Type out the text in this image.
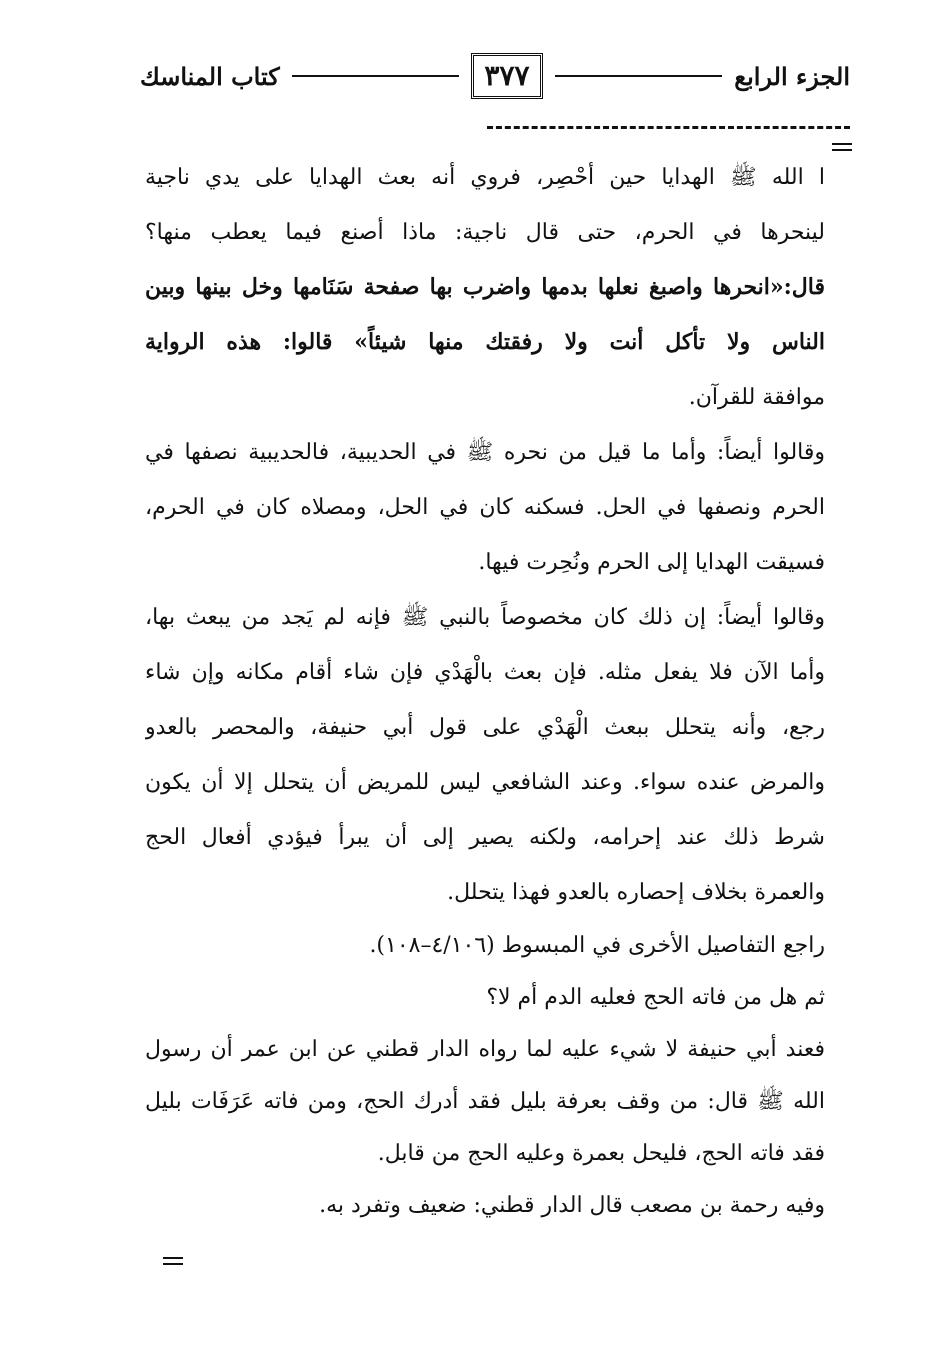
الجزء الرابع
٣٧٧
كتاب المناسك
ا الله ﷺ الهدايا حين أحْصِر، فروي أنه بعث الهدايا على يدي ناجية
لينحرها في الحرم، حتى قال ناجية: ماذا أصنع فيما يعطب منها؟
قال:«انحرها واصبغ نعلها بدمها واضرب بها صفحة سَنَامها وخل بينها وبين
الناس ولا تأكل أنت ولا رفقتك منها شيئاً» قالوا: هذه الرواية
موافقة للقرآن.
وقالوا أيضاً: وأما ما قيل من نحره ﷺ في الحديبية، فالحديبية نصفها في
الحرم ونصفها في الحل. فسكنه كان في الحل، ومصلاه كان في الحرم،
فسيقت الهدايا إلى الحرم ونُحِرت فيها.
وقالوا أيضاً: إن ذلك كان مخصوصاً بالنبي ﷺ فإنه لم يَجد من يبعث بها،
وأما الآن فلا يفعل مثله. فإن بعث بالْهَدْي فإن شاء أقام مكانه وإن شاء
رجع، وأنه يتحلل ببعث الْهَدْي على قول أبي حنيفة، والمحصر بالعدو
والمرض عنده سواء. وعند الشافعي ليس للمريض أن يتحلل إلا أن يكون
شرط ذلك عند إحرامه، ولكنه يصير إلى أن يبرأ فيؤدي أفعال الحج
والعمرة بخلاف إحصاره بالعدو فهذا يتحلل.
راجع التفاصيل الأخرى في المبسوط (٤/١٠٦–١٠٨).
ثم هل من فاته الحج فعليه الدم أم لا؟
فعند أبي حنيفة لا شيء عليه لما رواه الدار قطني عن ابن عمر أن رسول
الله ﷺ قال: من وقف بعرفة بليل فقد أدرك الحج، ومن فاته عَرَفَات بليل
فقد فاته الحج، فليحل بعمرة وعليه الحج من قابل.
وفيه رحمة بن مصعب قال الدار قطني: ضعيف وتفرد به.
